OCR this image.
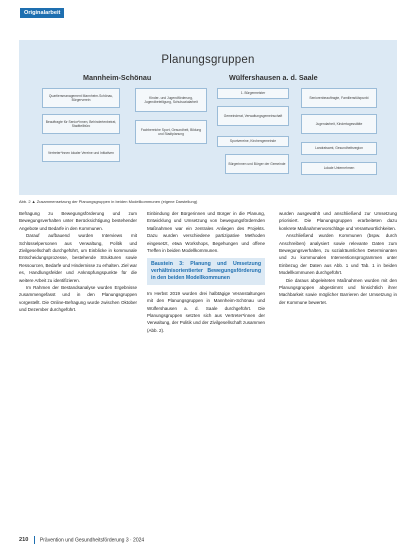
Originalarbeit
Planungsgruppen
Mannheim-Schönau	Wülfershausen a. d. Saale
Quartiersmanagement Mannheim-Schönau, Bürgerverein
Beauftragte für Senior*innen, Behindertenbeirat, Stadtteilbüro
Vertreter*innen lokaler Vereine und Initiativen
Kinder- und Jugendförderung, Jugendbeteiligung, Schulsozialarbeit
Fachbereiche Sport, Gesundheit, Bildung und Stadtplanung
1. Bürgermeister
Gemeinderat, Verwaltungsgemeinschaft
Sportvereine, Kirchengemeinde
Bürgerinnen und Bürger der Gemeinde
Seniorenbeauftragte, Familienstützpunkt
Jugendarbeit, Kindertagesstätte
Landratsamt, Gesundheitsregion
Lokale Unternehmen
Abb. 2 ▲ Zusammensetzung der Planungsgruppen in beiden Modellkommunen (eigene Darstellung)

Befragung zu Bewegungsförderung und zum Bewegungsverhalten unter Berücksichtigung bestehender Angebote und Bedarfe in den Kommunen.

Darauf aufbauend wurden Interviews mit Schlüsselpersonen aus Verwaltung, Politik und Zivilgesellschaft durchgeführt, um Einblicke in kommunale Entscheidungsprozesse, bestehende Strukturen sowie Ressourcen, Bedarfe und Hindernisse zu erhalten. Ziel war es, Handlungsfelder und Anknüpfungspunkte für die weitere Arbeit zu identifizieren.

Im Rahmen der Bestandsanalyse wurden Ergebnisse zusammengefasst und in den Planungsgruppen vorgestellt. Die Online-Befragung wurde zwischen Oktober und Dezember durchgeführt.

Einbindung der Bürgerinnen und Bürger in die Planung, Entwicklung und Umsetzung von bewegungsfördernden Maßnahmen war ein zentrales Anliegen des Projekts. Dazu wurden verschiedene partizipative Methoden eingesetzt, etwa Workshops, Begehungen und offene Treffen in beiden Modellkommunen.

Baustein 3: Planung und Umsetzung verhältnisorientierter Bewegungsförderung in den beiden Modellkommunen

Im Herbst 2019 wurden drei halbtägige Veranstaltungen mit den Planungsgruppen in Mannheim-Schönau und Wülfershausen a. d. Saale durchgeführt. Die Planungsgruppen setzten sich aus Vertreter*innen der Verwaltung, der Politik und der Zivilgesellschaft zusammen (Abb. 2).

wurden ausgewählt und anschließend zur Umsetzung priorisiert. Die Planungsgruppen erarbeiteten dazu konkrete Maßnahmenvorschläge und Verantwortlichkeiten.

Anschließend wurden Kommunen (bspw. durch Anschreiben) analysiert sowie relevante Daten zum Bewegungsverhalten, zu sozialräumlichen Determinanten und zu kommunalen Interventionsprogrammen unter Einbezug der Daten aus Abb. 1 und Tab. 1 in beiden Modellkommunen durchgeführt.

Die daraus abgeleiteten Maßnahmen wurden mit den Planungsgruppen abgestimmt und hinsichtlich ihrer Machbarkeit sowie möglicher Barrieren der Umsetzung in der Kommune bewertet.

210 Prävention und Gesundheitsförderung 3 · 2024
